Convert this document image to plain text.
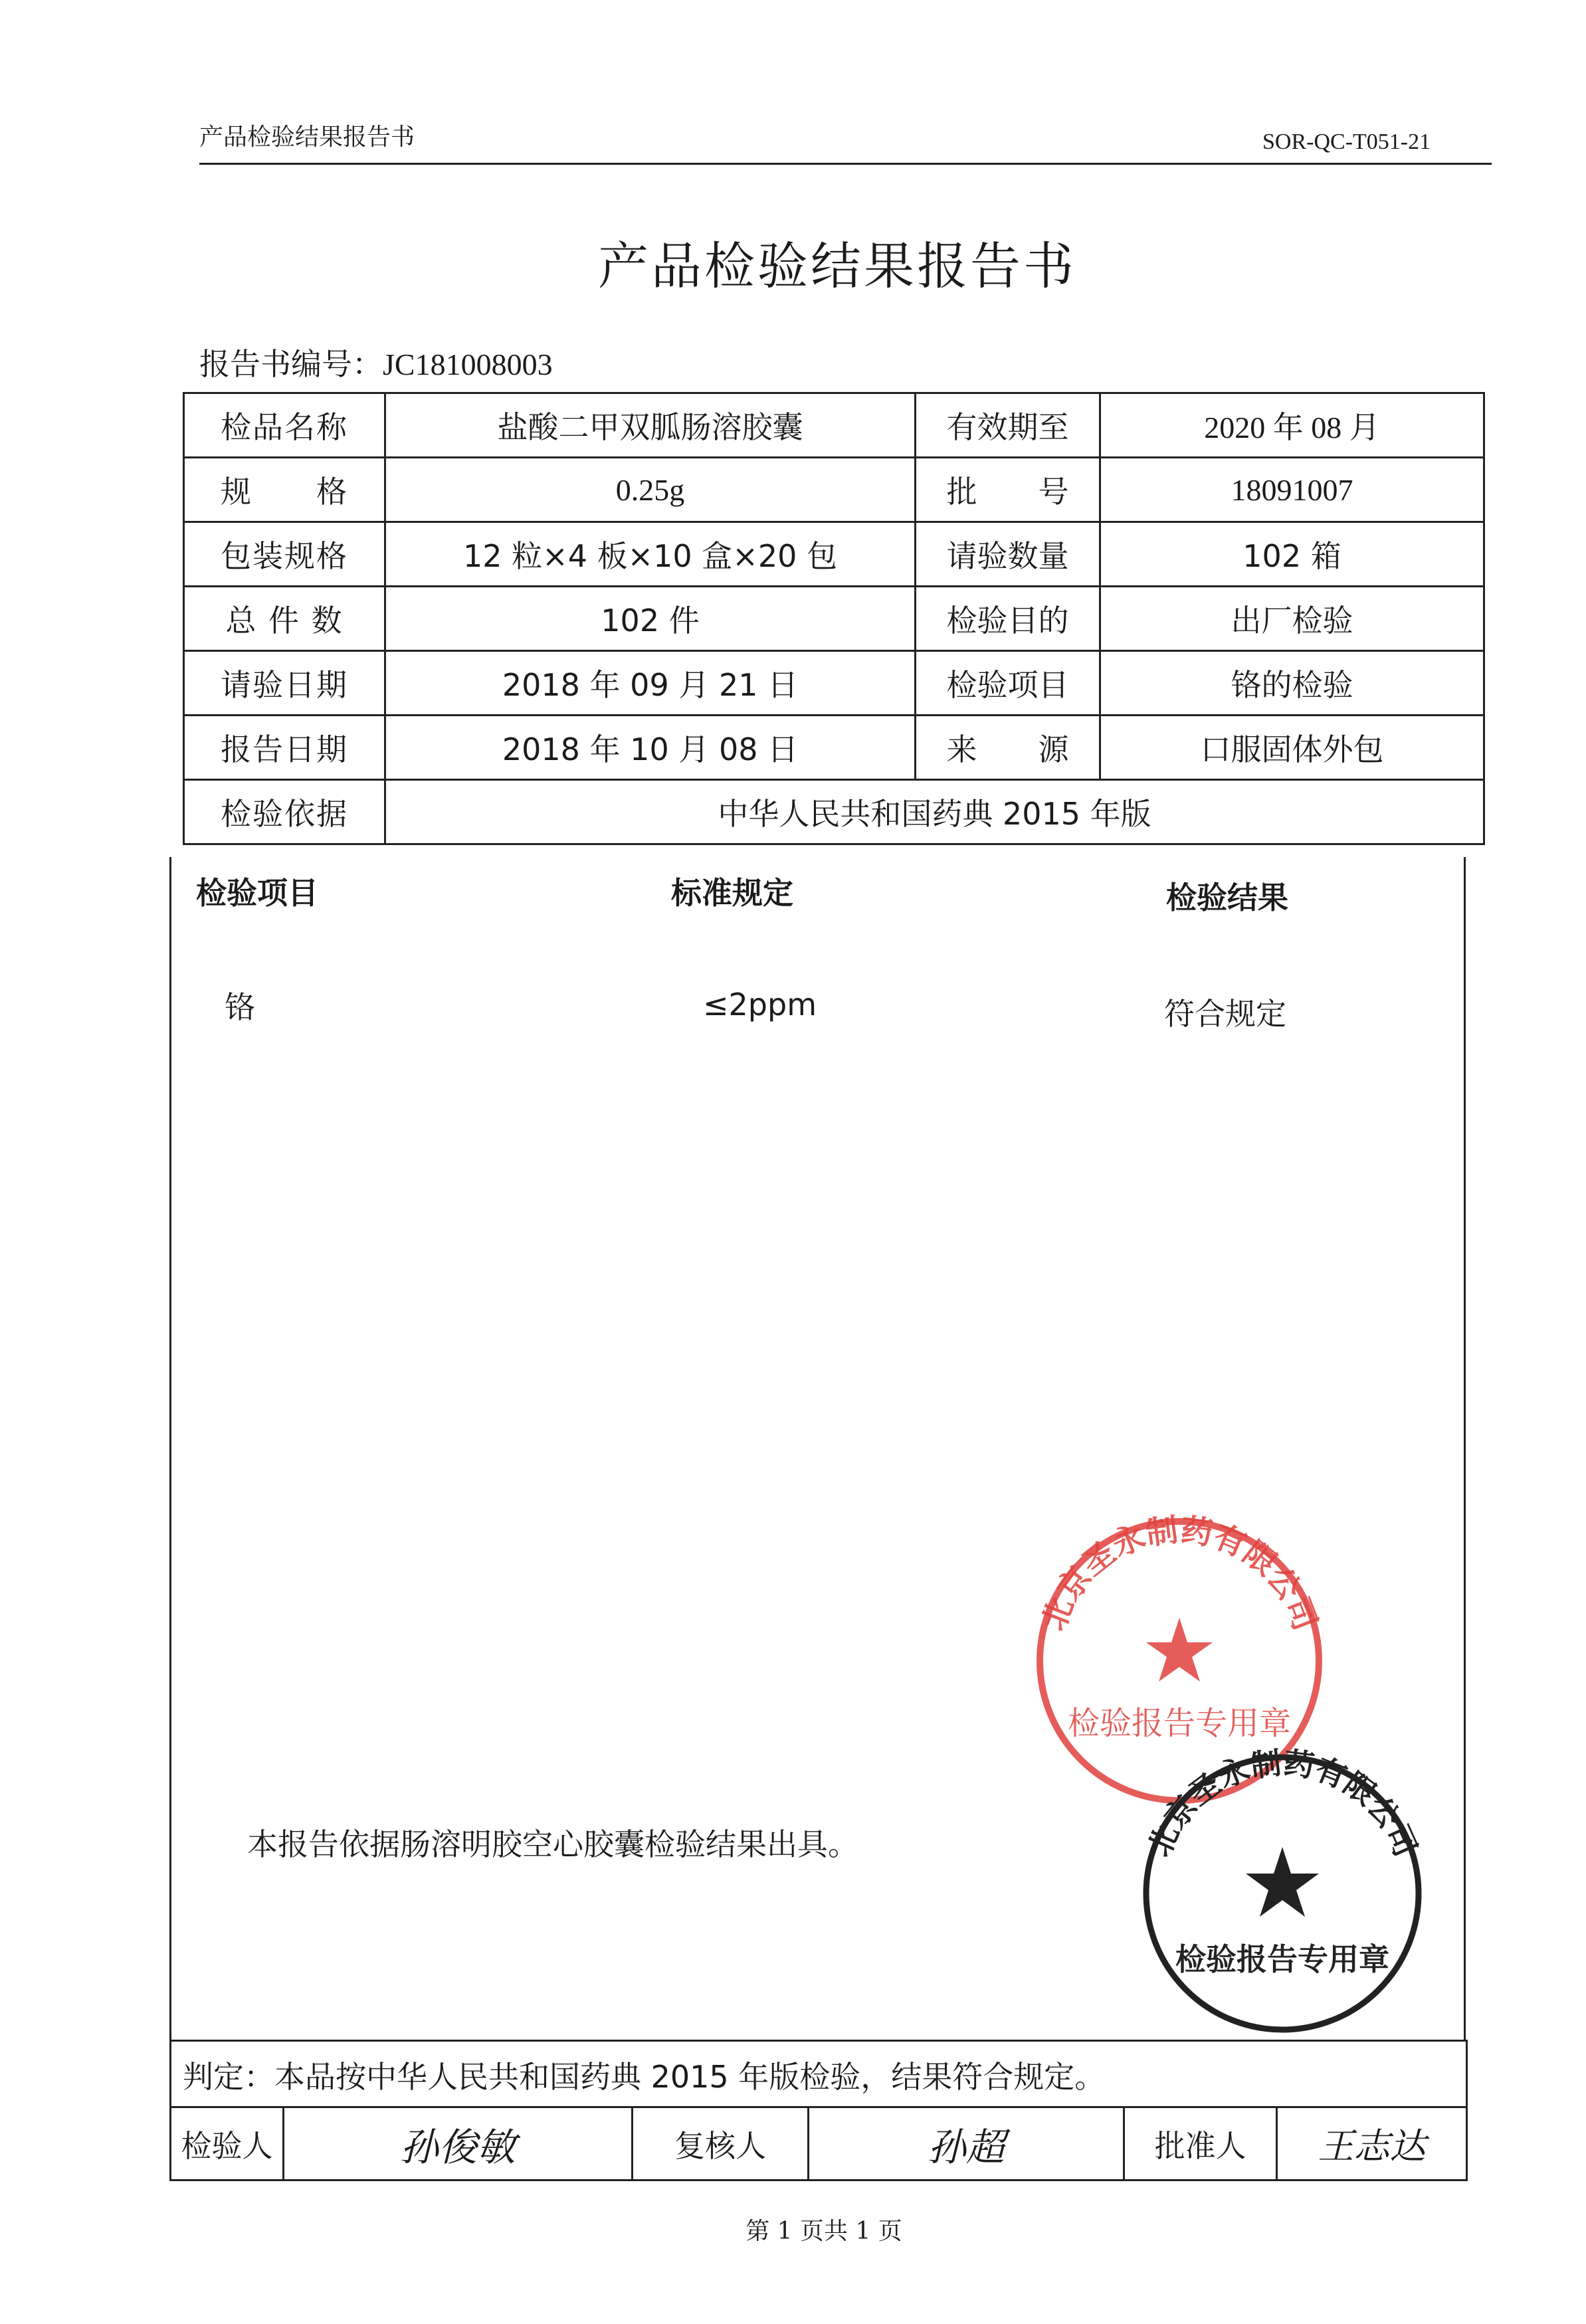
产品检验结果报告书	SOR-QC-T051-21
产品检验结果报告书
报告书编号：JC181008003
检品名称	盐酸二甲双胍肠溶胶囊	有效期至	2020 年 08 月
规　　格	0.25g	批　　号	18091007
包装规格	12 粒×4 板×10 盒×20 包	请验数量	102 箱
总 件 数	102 件	检验目的	出厂检验
请验日期	2018 年 09 月 21 日	检验项目	铬的检验
报告日期	2018 年 10 月 08 日	来　　源	口服固体外包
检验依据	中华人民共和国药典 2015 年版		
检验项目	标准规定	检验结果
铬	≤2ppm	符合规定
本报告依据肠溶明胶空心胶囊检验结果出具。
北京圣永制药有限公司
检验报告专用章
北京圣永制药有限公司
检验报告专用章
判定：本品按中华人民共和国药典 2015 年版检验，结果符合规定。
检验人	孙俊敏	复核人	孙超	批准人	王志达
第 1 页共 1 页
